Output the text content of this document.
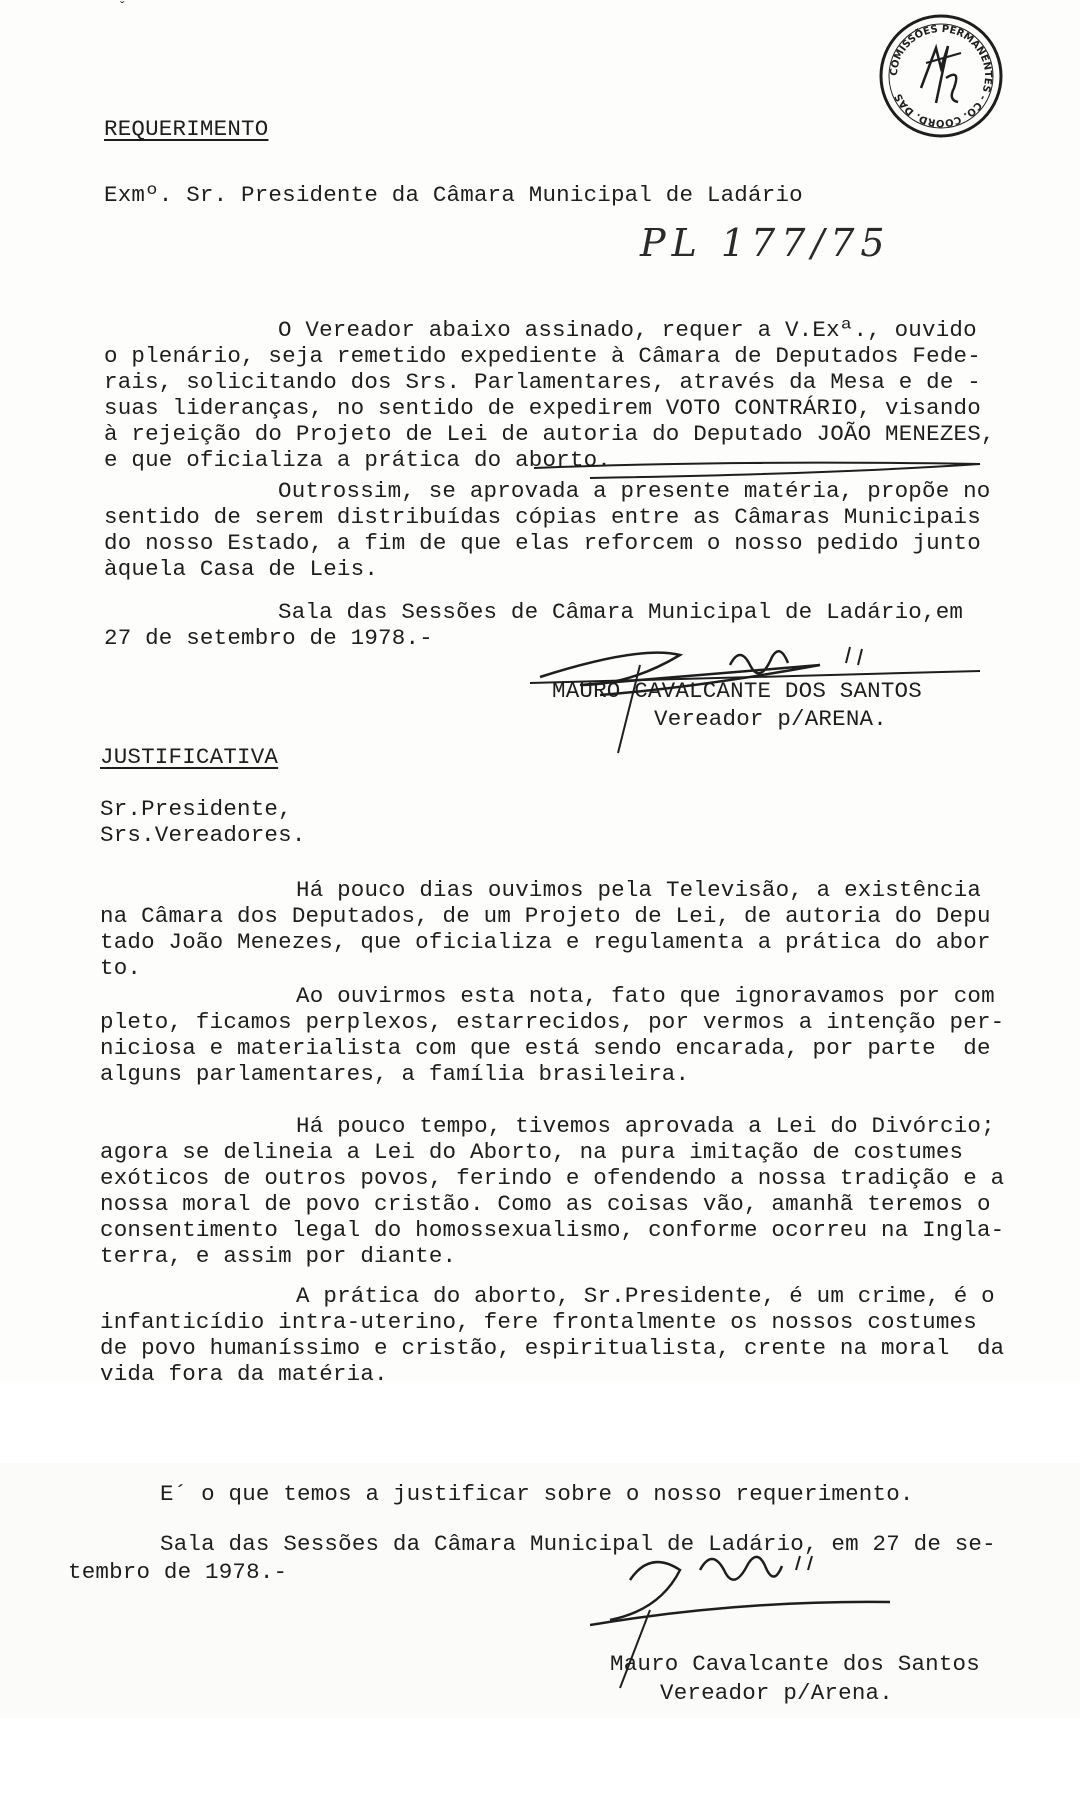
ˇ
COMISSÕES PERMANENTES - CO. COORD. DAS
REQUERIMENTO
Exmº. Sr. Presidente da Câmara Municipal de Ladário
PL 177/75
O Vereador abaixo assinado, requer a V.Exª., ouvido
o plenário, seja remetido expediente à Câmara de Deputados Fede-
rais, solicitando dos Srs. Parlamentares, através da Mesa e de -
suas lideranças, no sentido de expedirem VOTO CONTRÁRIO, visando
à rejeição do Projeto de Lei de autoria do Deputado JOÃO MENEZES,
e que oficializa a prática do aborto.
Outrossim, se aprovada a presente matéria, propõe no
sentido de serem distribuídas cópias entre as Câmaras Municipais
do nosso Estado, a fim de que elas reforcem o nosso pedido junto
àquela Casa de Leis.
Sala das Sessões de Câmara Municipal de Ladário,em
27 de setembro de 1978.-
MAURO CAVALCANTE DOS SANTOS
Vereador p/ARENA.
JUSTIFICATIVA
Sr.Presidente,
Srs.Vereadores.
Há pouco dias ouvimos pela Televisão, a existência
na Câmara dos Deputados, de um Projeto de Lei, de autoria do Depu
tado João Menezes, que oficializa e regulamenta a prática do abor
to.
Ao ouvirmos esta nota, fato que ignoravamos por com
pleto, ficamos perplexos, estarrecidos, por vermos a intenção per-
niciosa e materialista com que está sendo encarada, por parte  de
alguns parlamentares, a família brasileira.
Há pouco tempo, tivemos aprovada a Lei do Divórcio;
agora se delineia a Lei do Aborto, na pura imitação de costumes
exóticos de outros povos, ferindo e ofendendo a nossa tradição e a
nossa moral de povo cristão. Como as coisas vão, amanhã teremos o
consentimento legal do homossexualismo, conforme ocorreu na Ingla-
terra, e assim por diante.
A prática do aborto, Sr.Presidente, é um crime, é o
infanticídio intra-uterino, fere frontalmente os nossos costumes
de povo humaníssimo e cristão, espiritualista, crente na moral  da
vida fora da matéria.
E´ o que temos a justificar sobre o nosso requerimento.
Sala das Sessões da Câmara Municipal de Ladário, em 27 de se-
tembro de 1978.-
Mauro Cavalcante dos Santos
Vereador p/Arena.
